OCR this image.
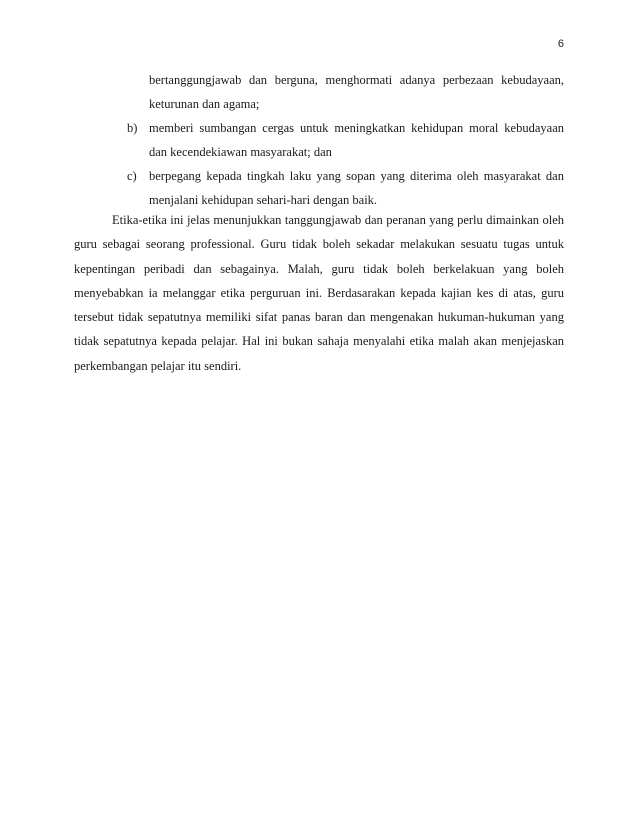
6
bertanggungjawab dan berguna, menghormati adanya perbezaan kebudayaan,
keturunan dan agama;
b) memberi sumbangan cergas untuk meningkatkan kehidupan moral kebudayaan
dan kecendekiawan masyarakat; dan
c) berpegang kepada tingkah laku yang sopan yang diterima oleh masyarakat dan
menjalani kehidupan sehari-hari dengan baik.
Etika-etika ini jelas menunjukkan tanggungjawab dan peranan yang perlu dimainkan oleh
guru sebagai seorang professional. Guru tidak boleh sekadar melakukan sesuatu tugas untuk
kepentingan peribadi dan sebagainya. Malah, guru tidak boleh berkelakuan yang boleh
menyebabkan ia melanggar etika perguruan ini. Berdasarakan kepada kajian kes di atas, guru
tersebut tidak sepatutnya memiliki sifat panas baran dan mengenakan hukuman-hukuman yang
tidak sepatutnya kepada pelajar. Hal ini bukan sahaja menyalahi etika malah akan menjejaskan
perkembangan pelajar itu sendiri.
